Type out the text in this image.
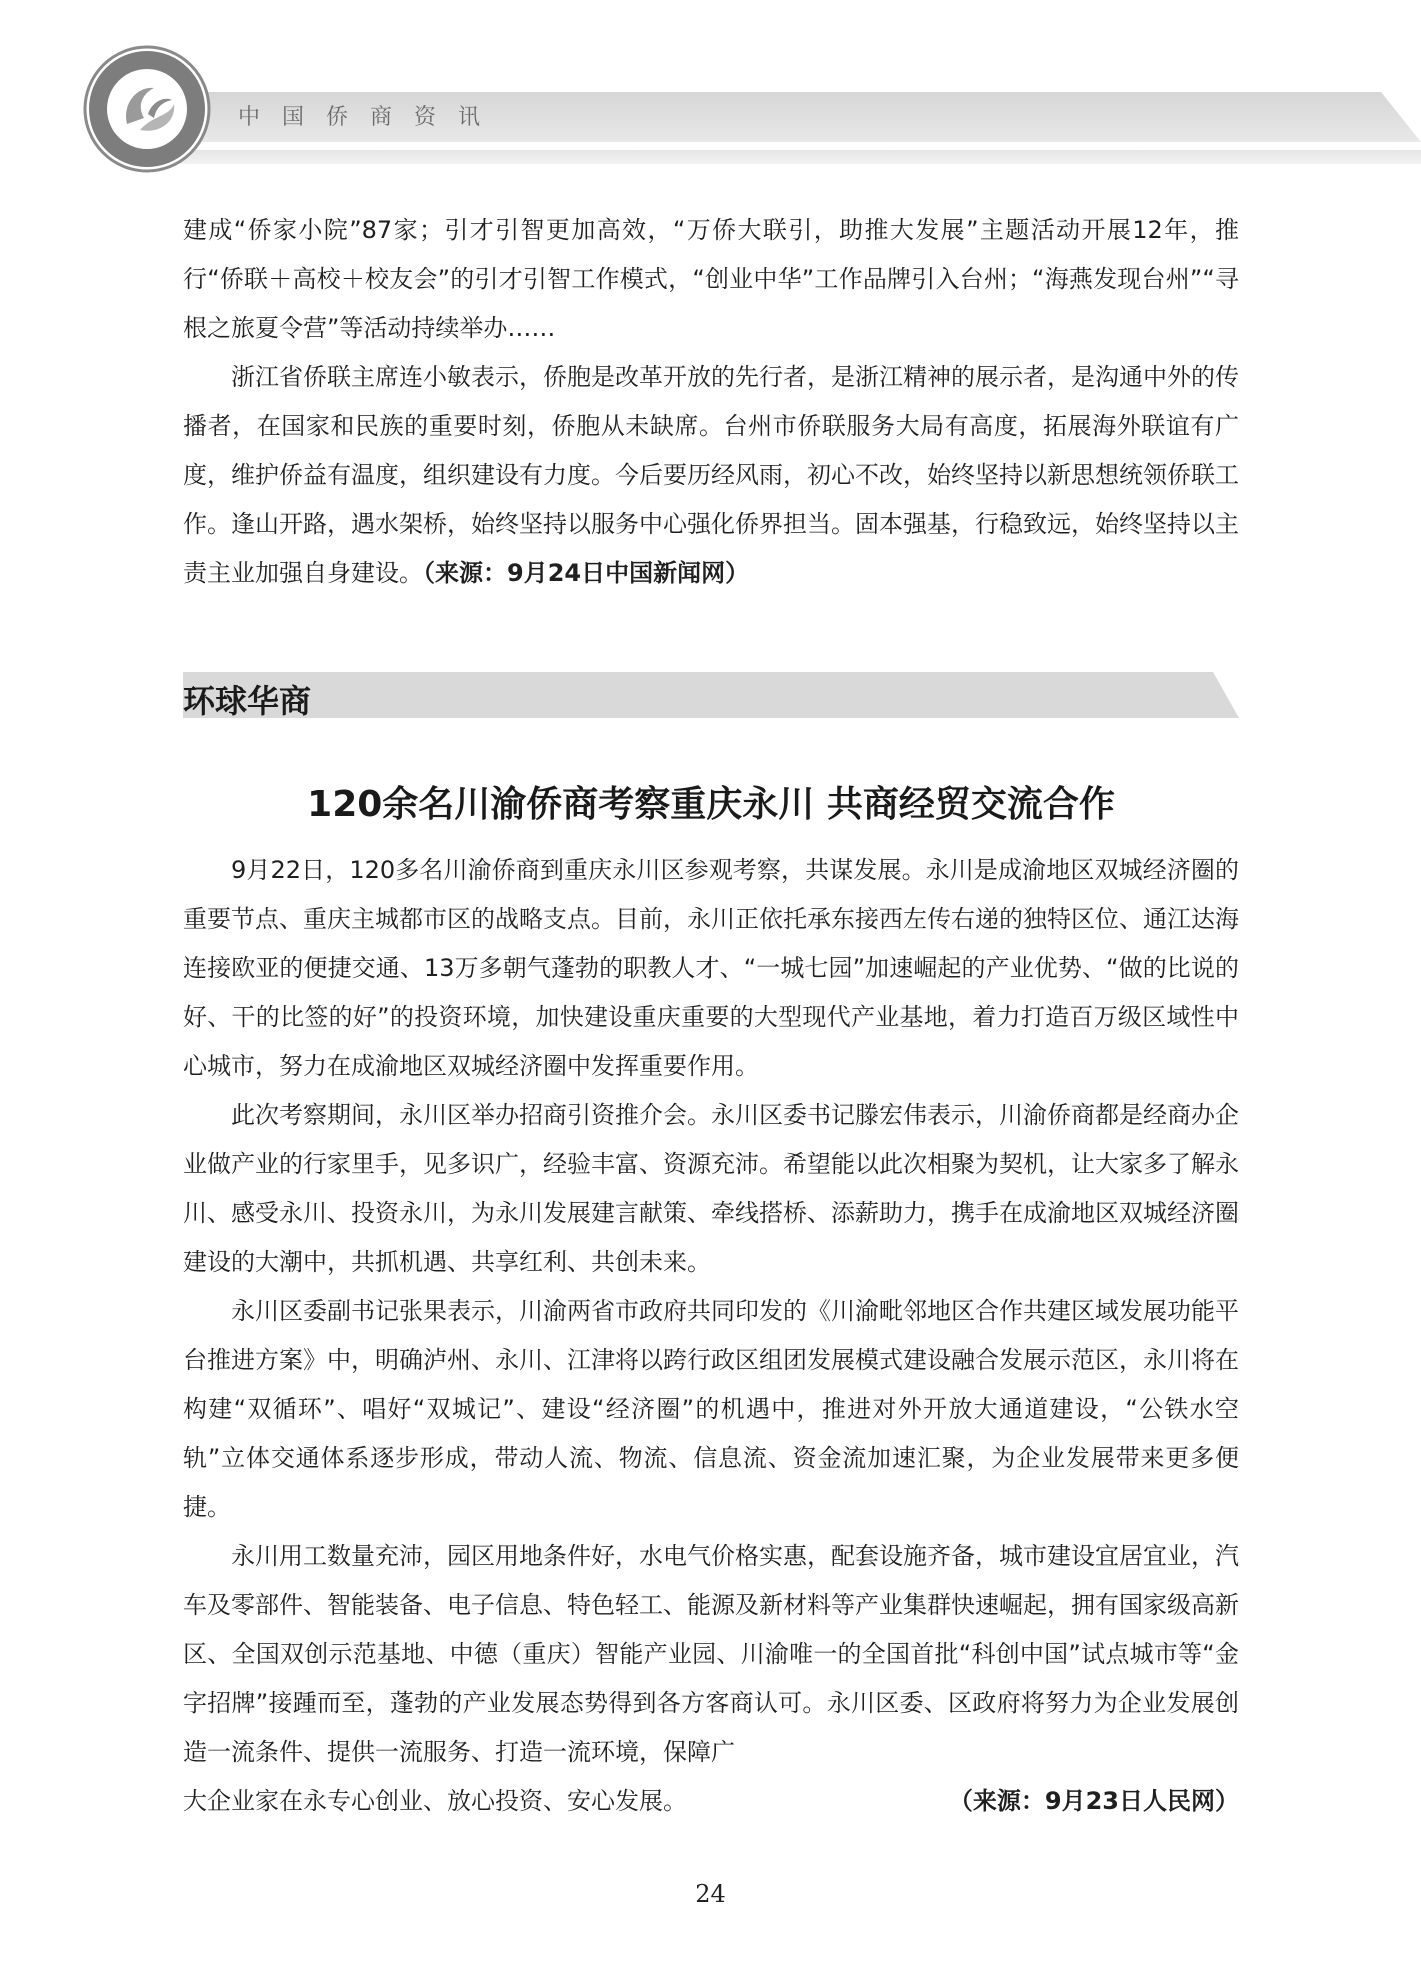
中国侨商资讯

建成“侨家小院”87家；引才引智更加高效，“万侨大联引，助推大发展”主题活动开展12年，推行“侨联＋高校＋校友会”的引才引智工作模式，“创业中华”工作品牌引入台州；“海燕发现台州”“寻根之旅夏令营”等活动持续举办……

浙江省侨联主席连小敏表示，侨胞是改革开放的先行者，是浙江精神的展示者，是沟通中外的传播者，在国家和民族的重要时刻，侨胞从未缺席。台州市侨联服务大局有高度，拓展海外联谊有广度，维护侨益有温度，组织建设有力度。今后要历经风雨，初心不改，始终坚持以新思想统领侨联工作。逢山开路，遇水架桥，始终坚持以服务中心强化侨界担当。固本强基，行稳致远，始终坚持以主责主业加强自身建设。（来源：9月24日中国新闻网）

环球华商
120余名川渝侨商考察重庆永川 共商经贸交流合作

9月22日，120多名川渝侨商到重庆永川区参观考察，共谋发展。永川是成渝地区双城经济圈的重要节点、重庆主城都市区的战略支点。目前，永川正依托承东接西左传右递的独特区位、通江达海连接欧亚的便捷交通、13万多朝气蓬勃的职教人才、“一城七园”加速崛起的产业优势、“做的比说的好、干的比签的好”的投资环境，加快建设重庆重要的大型现代产业基地，着力打造百万级区域性中心城市，努力在成渝地区双城经济圈中发挥重要作用。

此次考察期间，永川区举办招商引资推介会。永川区委书记滕宏伟表示，川渝侨商都是经商办企业做产业的行家里手，见多识广，经验丰富、资源充沛。希望能以此次相聚为契机，让大家多了解永川、感受永川、投资永川，为永川发展建言献策、牵线搭桥、添薪助力，携手在成渝地区双城经济圈建设的大潮中，共抓机遇、共享红利、共创未来。

永川区委副书记张果表示，川渝两省市政府共同印发的《川渝毗邻地区合作共建区域发展功能平台推进方案》中，明确泸州、永川、江津将以跨行政区组团发展模式建设融合发展示范区，永川将在构建“双循环”、唱好“双城记”、建设“经济圈”的机遇中，推进对外开放大通道建设，“公铁水空轨”立体交通体系逐步形成，带动人流、物流、信息流、资金流加速汇聚，为企业发展带来更多便捷。

永川用工数量充沛，园区用地条件好，水电气价格实惠，配套设施齐备，城市建设宜居宜业，汽车及零部件、智能装备、电子信息、特色轻工、能源及新材料等产业集群快速崛起，拥有国家级高新区、全国双创示范基地、中德（重庆）智能产业园、川渝唯一的全国首批“科创中国”试点城市等“金字招牌”接踵而至，蓬勃的产业发展态势得到各方客商认可。永川区委、区政府将努力为企业发展创造一流条件、提供一流服务、打造一流环境，保障广

大企业家在永专心创业、放心投资、安心发展。	（来源：9月23日人民网）
24
